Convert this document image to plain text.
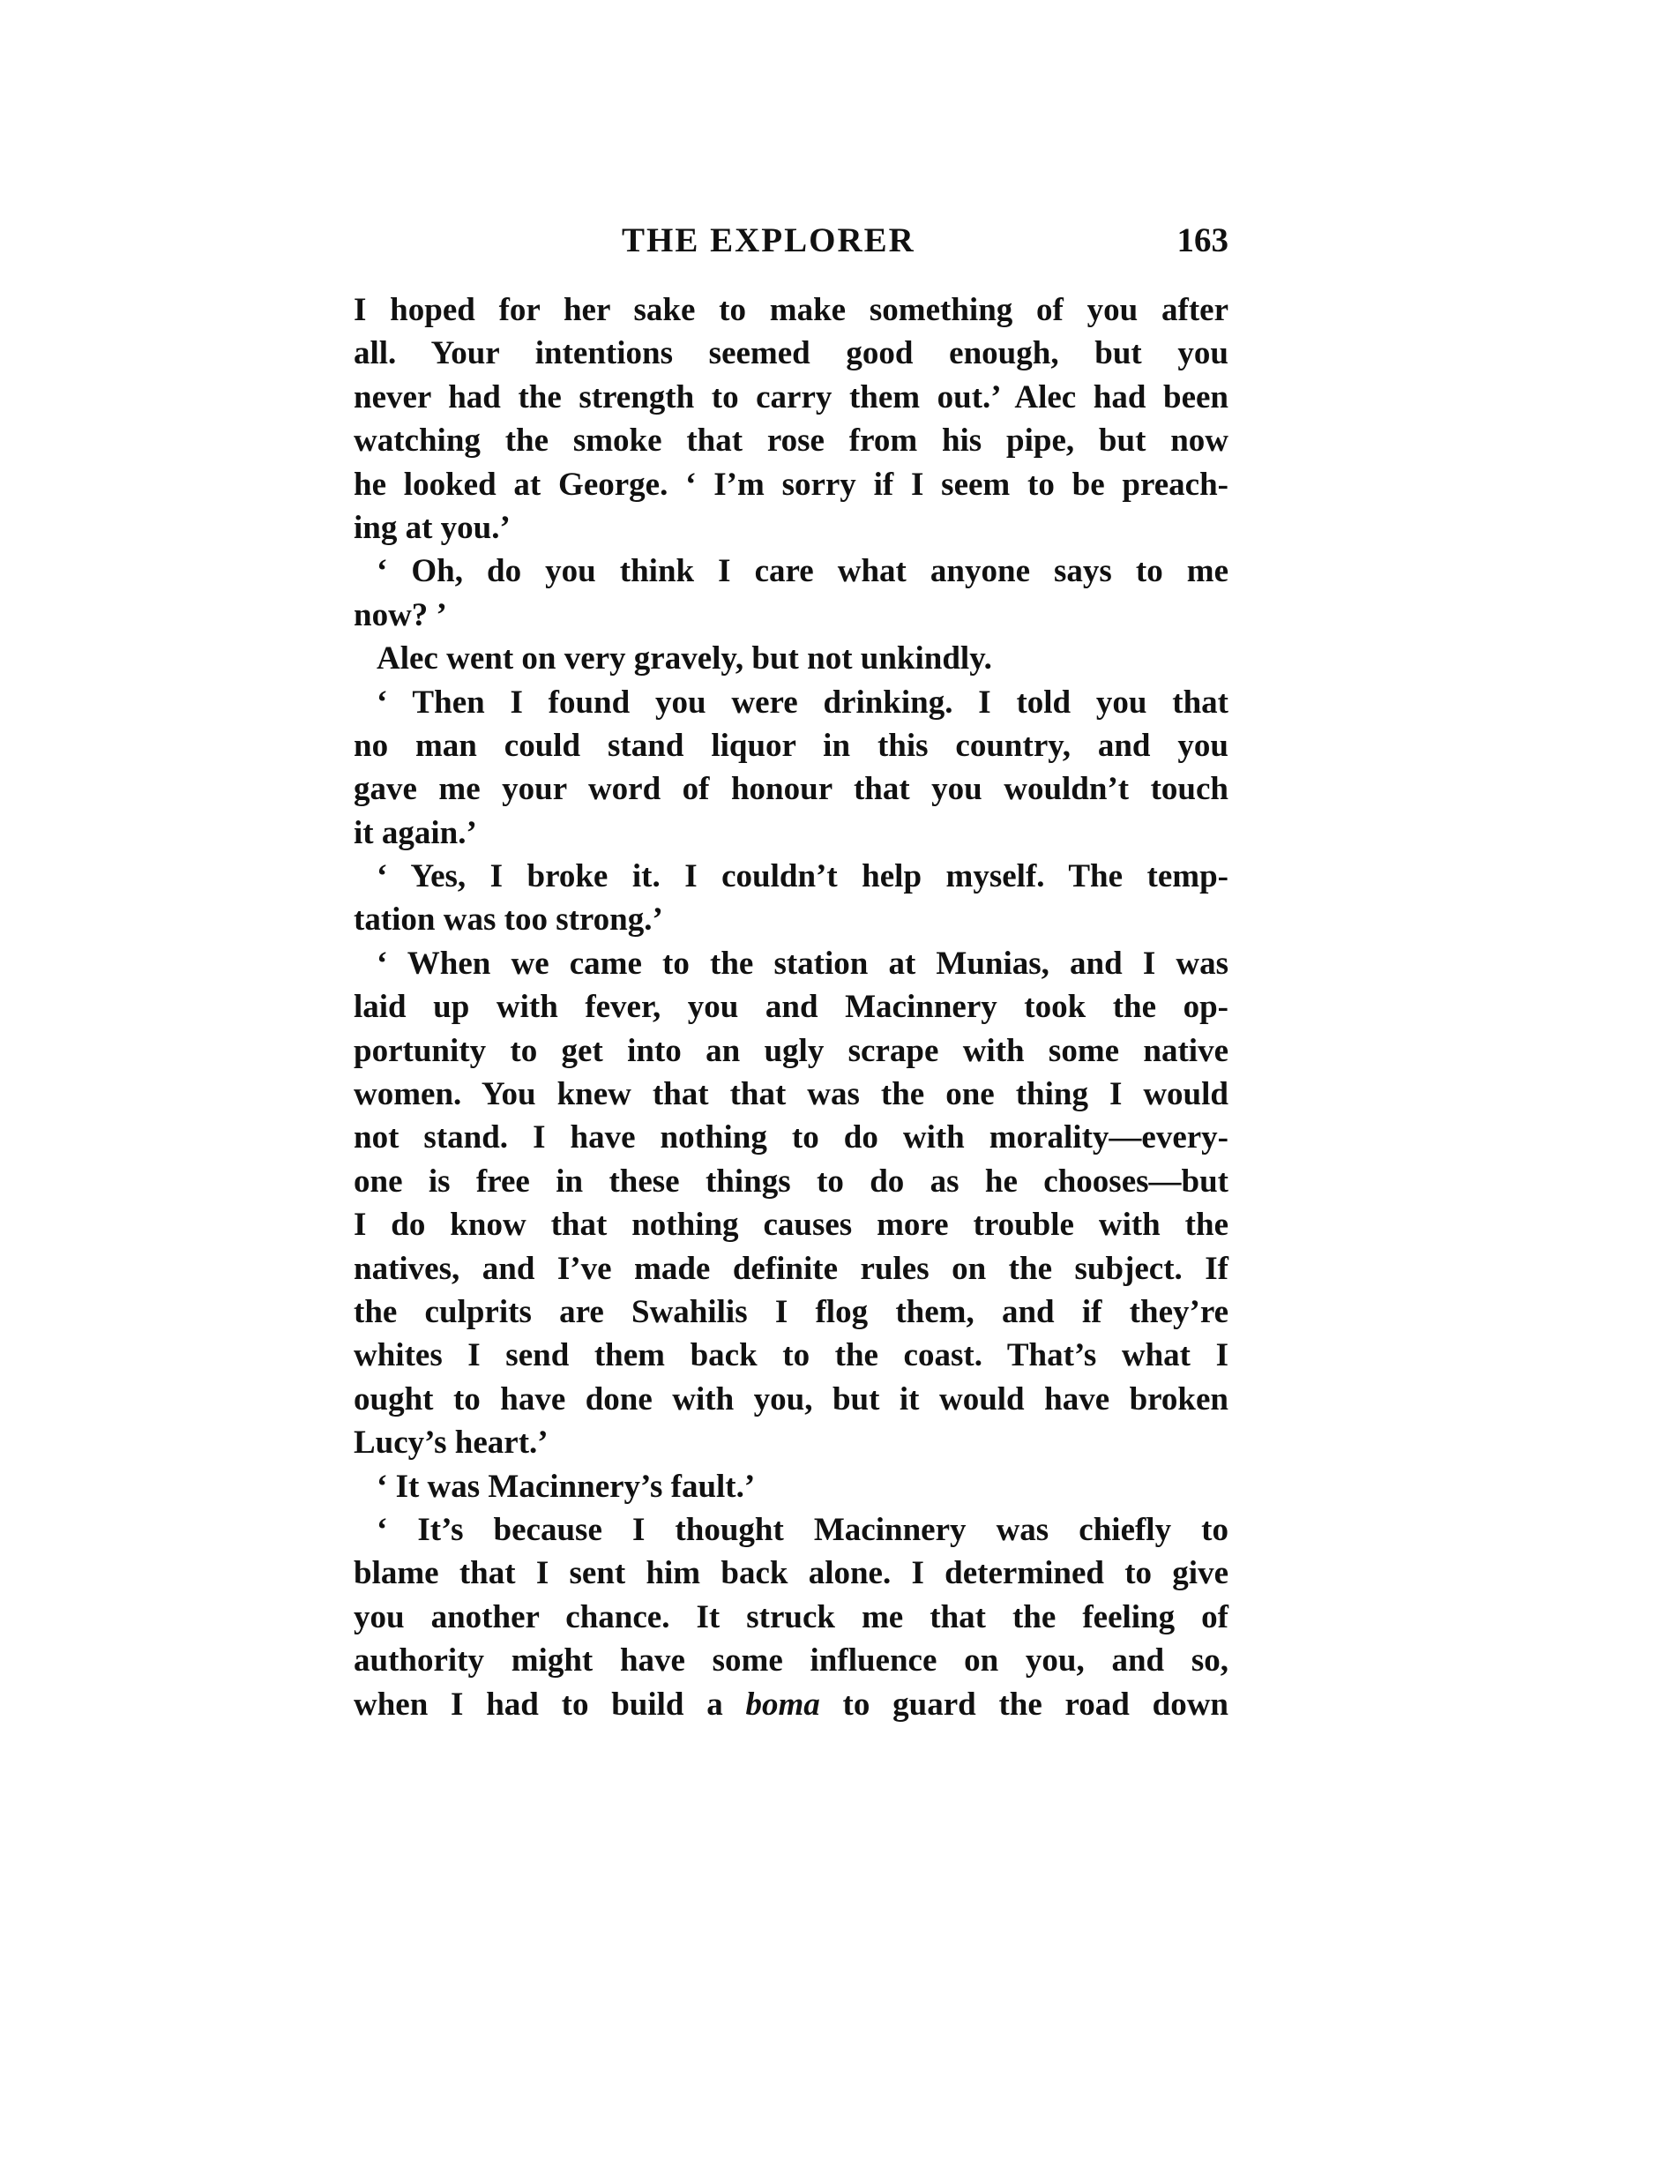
THE EXPLORER	163
I hoped for her sake to make something of you after
all. Your intentions seemed good enough, but you
never had the strength to carry them out.’ Alec had been
watching the smoke that rose from his pipe, but now
he looked at George. ‘ I’m sorry if I seem to be preach-
ing at you.’
‘ Oh, do you think I care what anyone says to me
now? ’
Alec went on very gravely, but not unkindly.
‘ Then I found you were drinking. I told you that
no man could stand liquor in this country, and you
gave me your word of honour that you wouldn’t touch
it again.’
‘ Yes, I broke it. I couldn’t help myself. The temp-
tation was too strong.’
‘ When we came to the station at Munias, and I was
laid up with fever, you and Macinnery took the op-
portunity to get into an ugly scrape with some native
women. You knew that that was the one thing I would
not stand. I have nothing to do with morality—every-
one is free in these things to do as he chooses—but
I do know that nothing causes more trouble with the
natives, and I’ve made definite rules on the subject. If
the culprits are Swahilis I flog them, and if they’re
whites I send them back to the coast. That’s what I
ought to have done with you, but it would have broken
Lucy’s heart.’
‘ It was Macinnery’s fault.’
‘ It’s because I thought Macinnery was chiefly to
blame that I sent him back alone. I determined to give
you another chance. It struck me that the feeling of
authority might have some influence on you, and so,
when I had to build a boma to guard the road down
